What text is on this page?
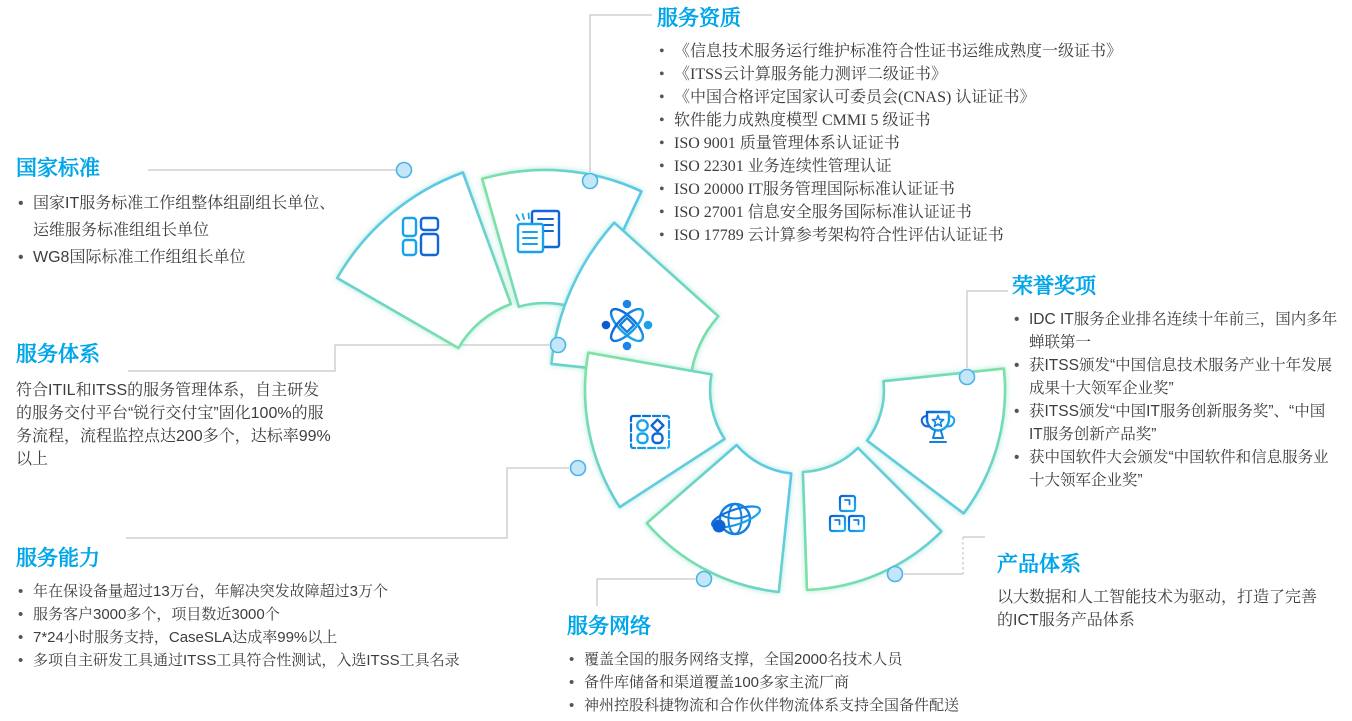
国家标准
• 国家IT服务标准工作组整体组副组长单位、运维服务标准组组长单位
• WG8国际标准工作组组长单位
服务资质
• 《信息技术服务运行维护标准符合性证书运维成熟度一级证书》
• 《ITSS云计算服务能力测评二级证书》
• 《中国合格评定国家认可委员会(CNAS) 认证证书》
• 软件能力成熟度模型 CMMI 5 级证书
• ISO 9001 质量管理体系认证证书
• ISO 22301 业务连续性管理认证
• ISO 20000 IT服务管理国际标准认证证书
• ISO 27001 信息安全服务国际标准认证证书
• ISO 17789 云计算参考架构符合性评估认证证书
服务体系

符合ITIL和ITSS的服务管理体系，自主研发的服务交付平台“锐行交付宝”固化100%的服务流程，流程监控点达200多个，达标率99%以上

服务能力
• 年在保设备量超过13万台，年解决突发故障超过3万个
• 服务客户3000多个，项目数近3000个
• 7*24小时服务支持，CaseSLA达成率99%以上
• 多项自主研发工具通过ITSS工具符合性测试，入选ITSS工具名录
服务网络
• 覆盖全国的服务网络支撑，全国2000名技术人员
• 备件库储备和渠道覆盖100多家主流厂商
• 神州控股科捷物流和合作伙伴物流体系支持全国备件配送
荣誉奖项
• IDC IT服务企业排名连续十年前三，国内多年蝉联第一
• 获ITSS颁发“中国信息技术服务产业十年发展成果十大领军企业奖”
• 获ITSS颁发“中国IT服务创新服务奖”、“中国IT服务创新产品奖”
• 获中国软件大会颁发“中国软件和信息服务业十大领军企业奖”
产品体系

以大数据和人工智能技术为驱动，打造了完善的ICT服务产品体系
